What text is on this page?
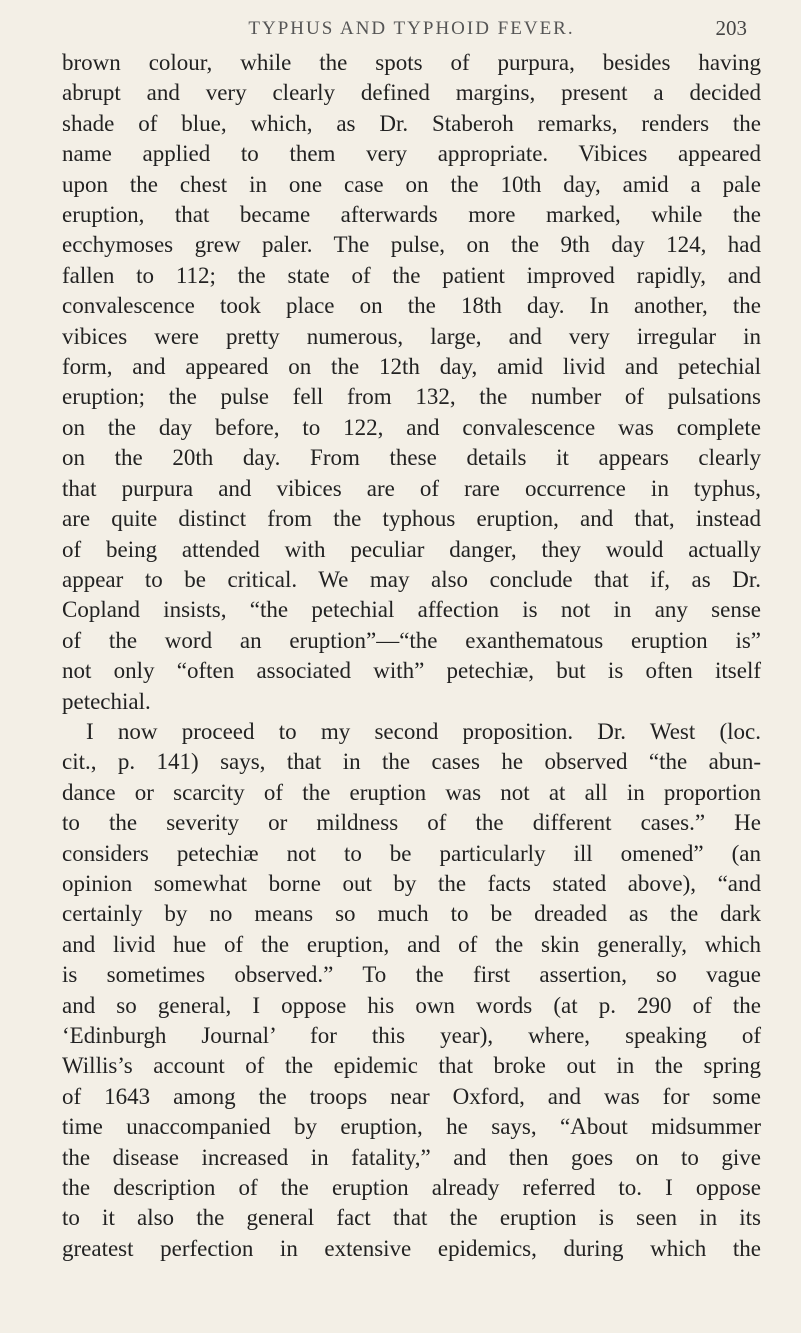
TYPHUS AND TYPHOID FEVER.	203
brown colour, while the spots of purpura, besides having
abrupt and very clearly defined margins, present a decided
shade of blue, which, as Dr. Staberoh remarks, renders the
name applied to them very appropriate. Vibices appeared
upon the chest in one case on the 10th day, amid a pale
eruption, that became afterwards more marked, while the
ecchymoses grew paler. The pulse, on the 9th day 124, had
fallen to 112; the state of the patient improved rapidly, and
convalescence took place on the 18th day. In another, the
vibices were pretty numerous, large, and very irregular in
form, and appeared on the 12th day, amid livid and petechial
eruption; the pulse fell from 132, the number of pulsations
on the day before, to 122, and convalescence was complete
on the 20th day. From these details it appears clearly
that purpura and vibices are of rare occurrence in typhus,
are quite distinct from the typhous eruption, and that, instead
of being attended with peculiar danger, they would actually
appear to be critical. We may also conclude that if, as Dr.
Copland insists, “the petechial affection is not in any sense
of the word an eruption”—“the exanthematous eruption is”
not only “often associated with” petechiæ, but is often itself
petechial.
I now proceed to my second proposition. Dr. West (loc.
cit., p. 141) says, that in the cases he observed “the abun-
dance or scarcity of the eruption was not at all in proportion
to the severity or mildness of the different cases.” He
considers petechiæ not to be particularly ill omened” (an
opinion somewhat borne out by the facts stated above), “and
certainly by no means so much to be dreaded as the dark
and livid hue of the eruption, and of the skin generally, which
is sometimes observed.” To the first assertion, so vague
and so general, I oppose his own words (at p. 290 of the
‘Edinburgh Journal’ for this year), where, speaking of
Willis’s account of the epidemic that broke out in the spring
of 1643 among the troops near Oxford, and was for some
time unaccompanied by eruption, he says, “About midsummer
the disease increased in fatality,” and then goes on to give
the description of the eruption already referred to. I oppose
to it also the general fact that the eruption is seen in its
greatest perfection in extensive epidemics, during which the
